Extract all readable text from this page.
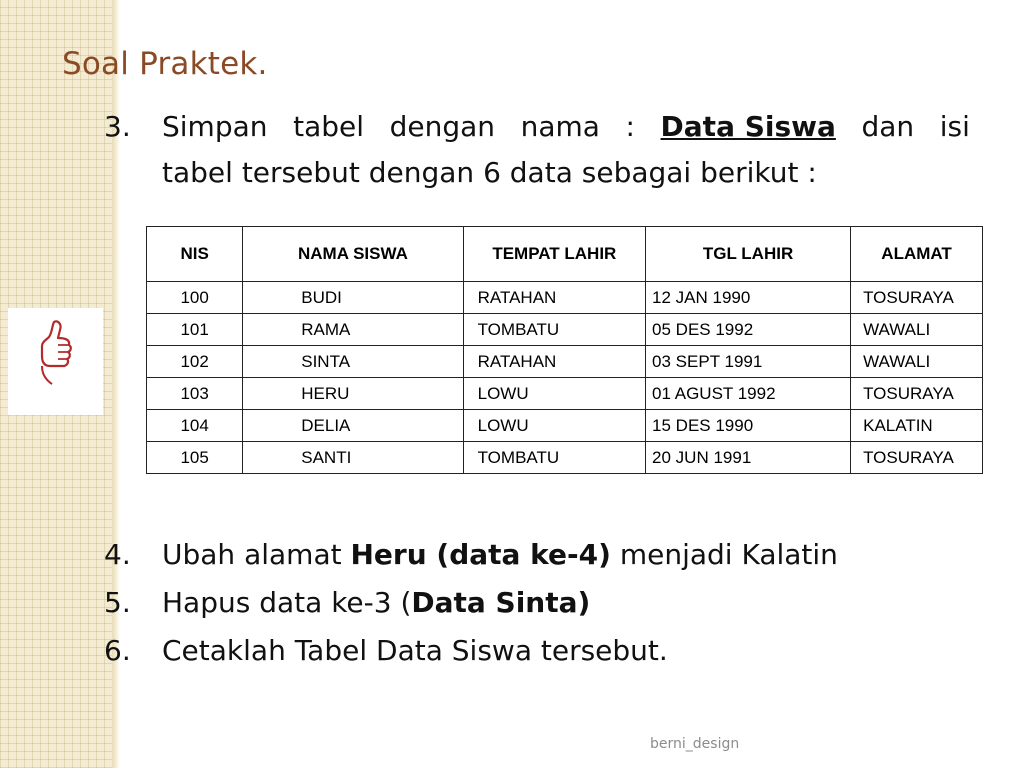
Soal Praktek.
3. Simpan tabel dengan nama : Data Siswa dan isi
tabel tersebut dengan 6 data sebagai berikut :
NIS	NAMA SISWA	TEMPAT LAHIR	TGL LAHIR	ALAMAT
100	BUDI	RATAHAN	12 JAN 1990	TOSURAYA
101	RAMA	TOMBATU	05 DES 1992	WAWALI
102	SINTA	RATAHAN	03 SEPT 1991	WAWALI
103	HERU	LOWU	01 AGUST 1992	TOSURAYA
104	DELIA	LOWU	15 DES 1990	KALATIN
105	SANTI	TOMBATU	20 JUN 1991	TOSURAYA
4. Ubah alamat Heru (data ke-4) menjadi Kalatin
5. Hapus data ke-3 (Data Sinta)
6. Cetaklah Tabel Data Siswa tersebut.
berni_design
